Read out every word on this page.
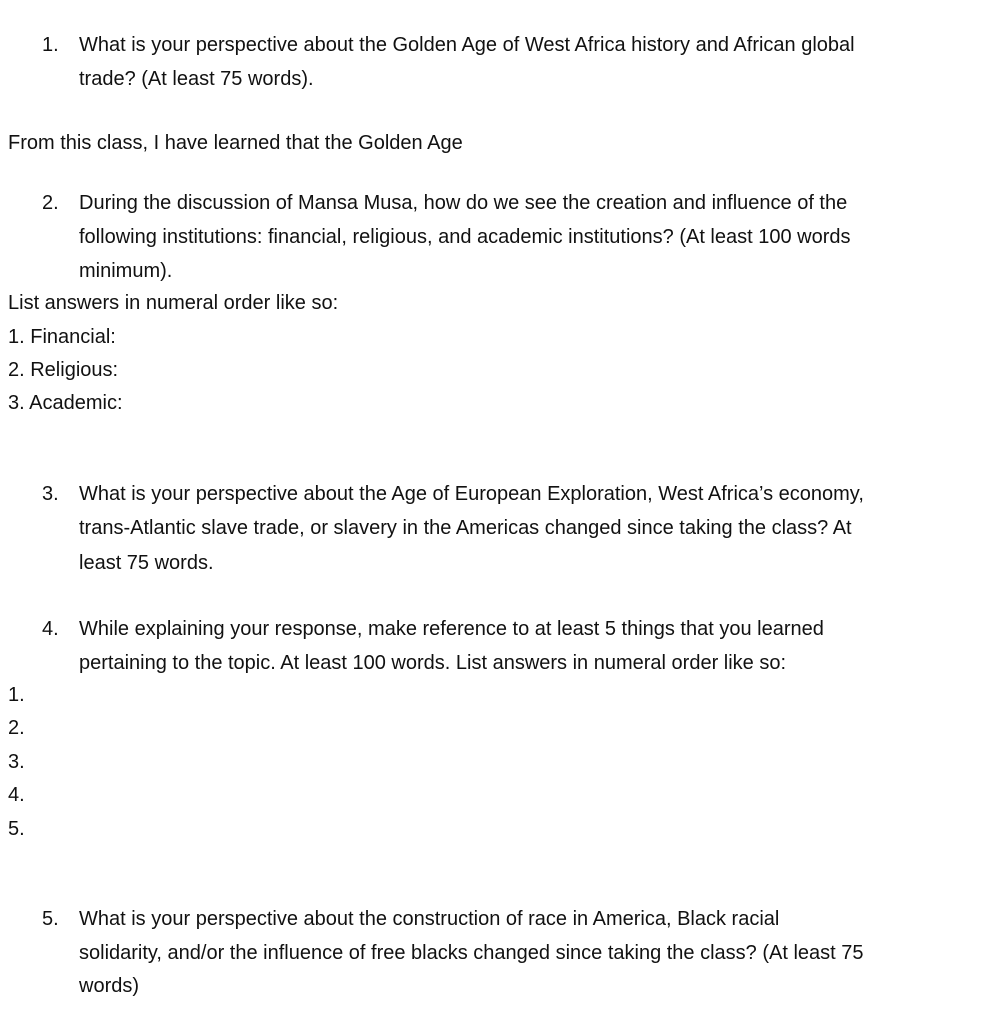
1.	What is your perspective about the Golden Age of West Africa history and African global
trade? (At least 75 words).
From this class, I have learned that the Golden Age
2.	During the discussion of Mansa Musa, how do we see the creation and influence of the
following institutions: financial, religious, and academic institutions? (At least 100 words
minimum).
List answers in numeral order like so:
1. Financial:
2. Religious:
3. Academic:
3.	What is your perspective about the Age of European Exploration, West Africa’s economy,
trans-Atlantic slave trade, or slavery in the Americas changed since taking the class? At
least 75 words.
4.	While explaining your response, make reference to at least 5 things that you learned
pertaining to the topic. At least 100 words. List answers in numeral order like so:
1.
2.
3.
4.
5.
5.	What is your perspective about the construction of race in America, Black racial
solidarity, and/or the influence of free blacks changed since taking the class? (At least 75
words)
